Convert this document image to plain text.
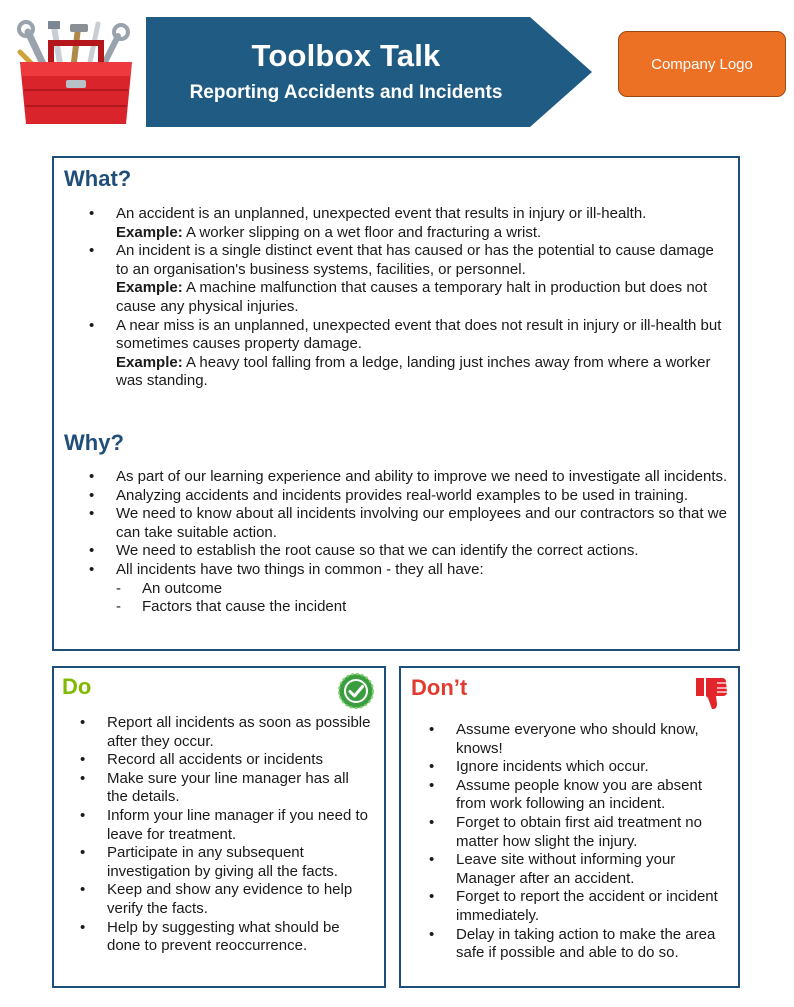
Toolbox Talk
Reporting Accidents and Incidents
Company Logo
What?
• An accident is an unplanned, unexpected event that results in injury or ill-health.
Example: A worker slipping on a wet floor and fracturing a wrist.
• An incident is a single distinct event that has caused or has the potential to cause damage to an organisation's business systems, facilities, or personnel.
Example: A machine malfunction that causes a temporary halt in production but does not cause any physical injuries.
• A near miss is an unplanned, unexpected event that does not result in injury or ill-health but sometimes causes property damage.
Example: A heavy tool falling from a ledge, landing just inches away from where a worker was standing.
Why?
• As part of our learning experience and ability to improve we need to investigate all incidents.
• Analyzing accidents and incidents provides real-world examples to be used in training.
• We need to know about all incidents involving our employees and our contractors so that we can take suitable action.
• We need to establish the root cause so that we can identify the correct actions.
• All incidents have two things in common - they all have:
- An outcome
- Factors that cause the incident
Do
• Report all incidents as soon as possible after they occur.
• Record all accidents or incidents
• Make sure your line manager has all the details.
• Inform your line manager if you need to leave for treatment.
• Participate in any subsequent investigation by giving all the facts.
• Keep and show any evidence to help verify the facts.
• Help by suggesting what should be done to prevent reoccurrence.
Don’t
• Assume everyone who should know, knows!
• Ignore incidents which occur.
• Assume people know you are absent from work following an incident.
• Forget to obtain first aid treatment no matter how slight the injury.
• Leave site without informing your Manager after an accident.
• Forget to report the accident or incident immediately.
• Delay in taking action to make the area safe if possible and able to do so.
